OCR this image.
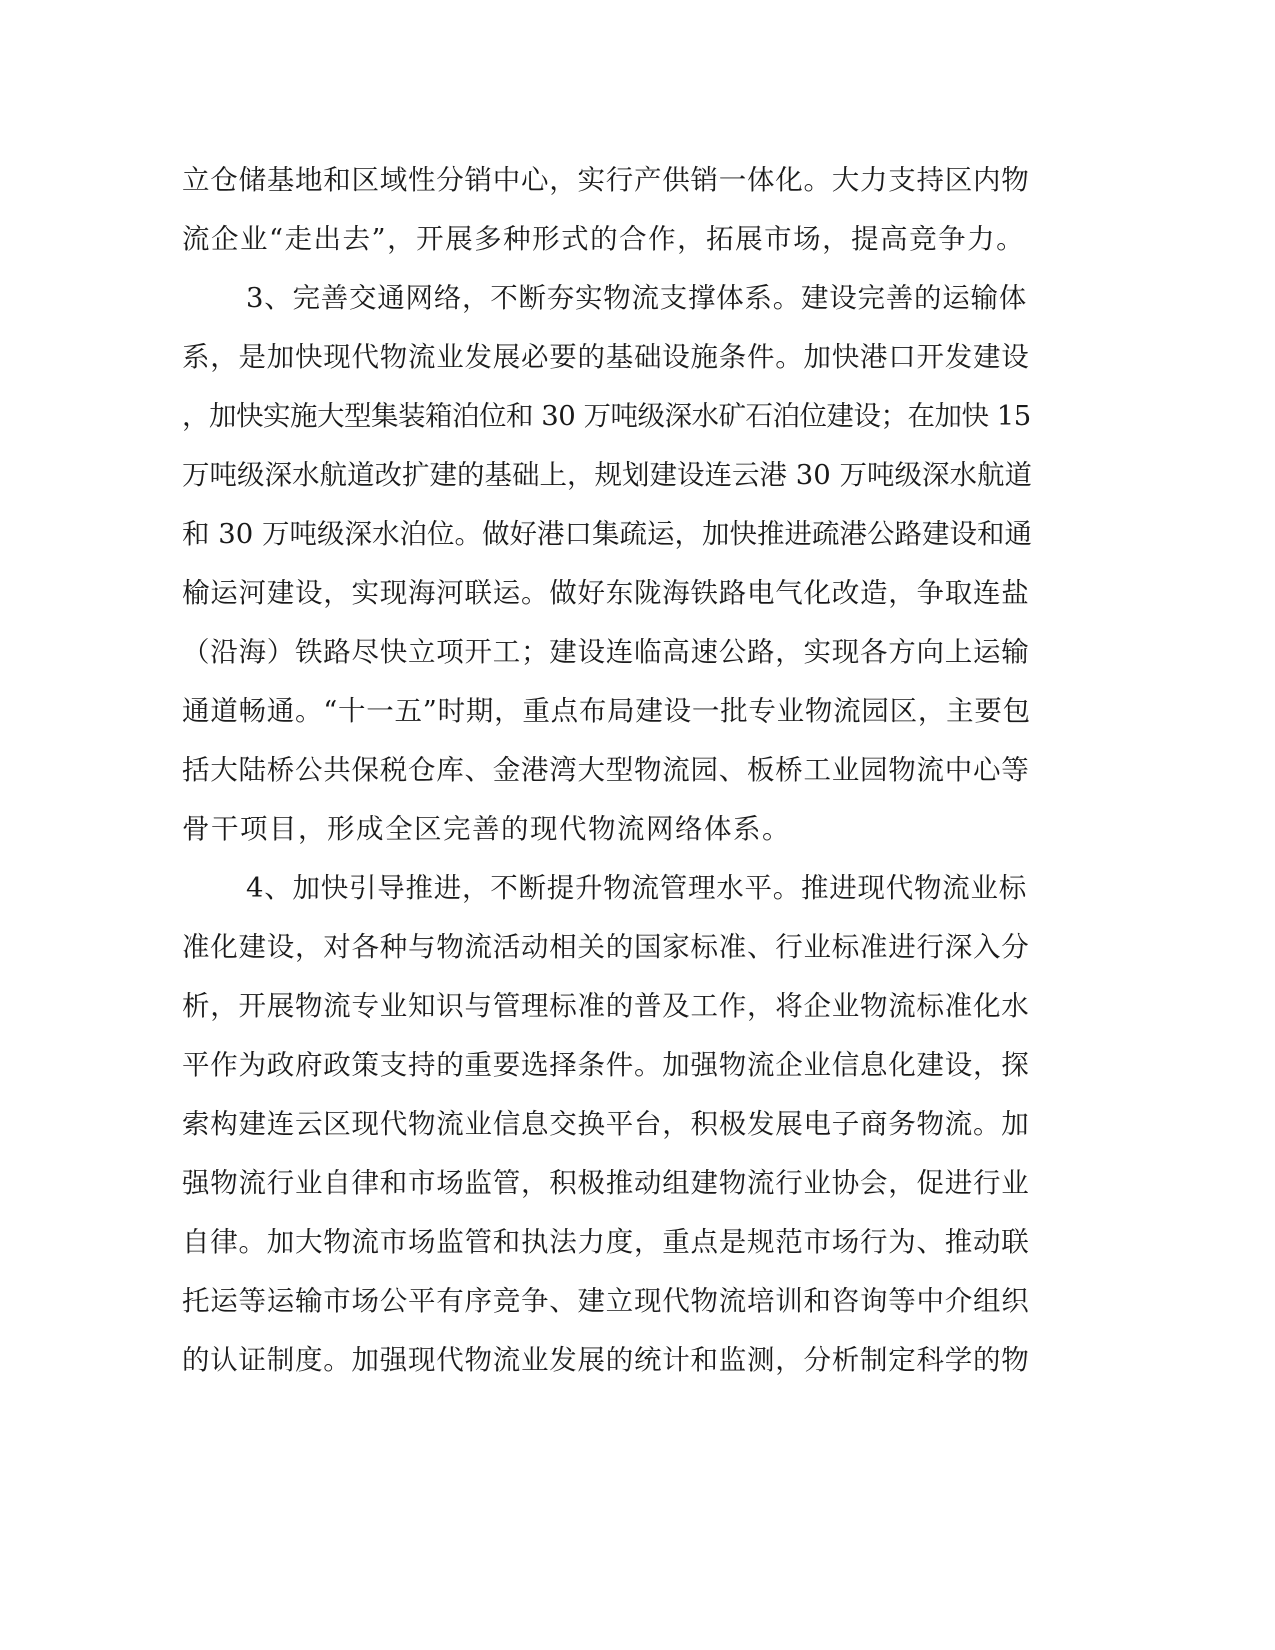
立仓储基地和区域性分销中心，实行产供销一体化。大力支持区内物
流企业“走出去”，开展多种形式的合作，拓展市场，提高竞争力。
3、完善交通网络，不断夯实物流支撑体系。建设完善的运输体
系，是加快现代物流业发展必要的基础设施条件。加快港口开发建设
，加快实施大型集装箱泊位和 30 万吨级深水矿石泊位建设；在加快 15
万吨级深水航道改扩建的基础上，规划建设连云港 30 万吨级深水航道
和 30 万吨级深水泊位。做好港口集疏运，加快推进疏港公路建设和通
榆运河建设，实现海河联运。做好东陇海铁路电气化改造，争取连盐
（沿海）铁路尽快立项开工；建设连临高速公路，实现各方向上运输
通道畅通。“十一五”时期，重点布局建设一批专业物流园区，主要包
括大陆桥公共保税仓库、金港湾大型物流园、板桥工业园物流中心等
骨干项目，形成全区完善的现代物流网络体系。
4、加快引导推进，不断提升物流管理水平。推进现代物流业标
准化建设，对各种与物流活动相关的国家标准、行业标准进行深入分
析，开展物流专业知识与管理标准的普及工作，将企业物流标准化水
平作为政府政策支持的重要选择条件。加强物流企业信息化建设，探
索构建连云区现代物流业信息交换平台，积极发展电子商务物流。加
强物流行业自律和市场监管，积极推动组建物流行业协会，促进行业
自律。加大物流市场监管和执法力度，重点是规范市场行为、推动联
托运等运输市场公平有序竞争、建立现代物流培训和咨询等中介组织
的认证制度。加强现代物流业发展的统计和监测，分析制定科学的物
